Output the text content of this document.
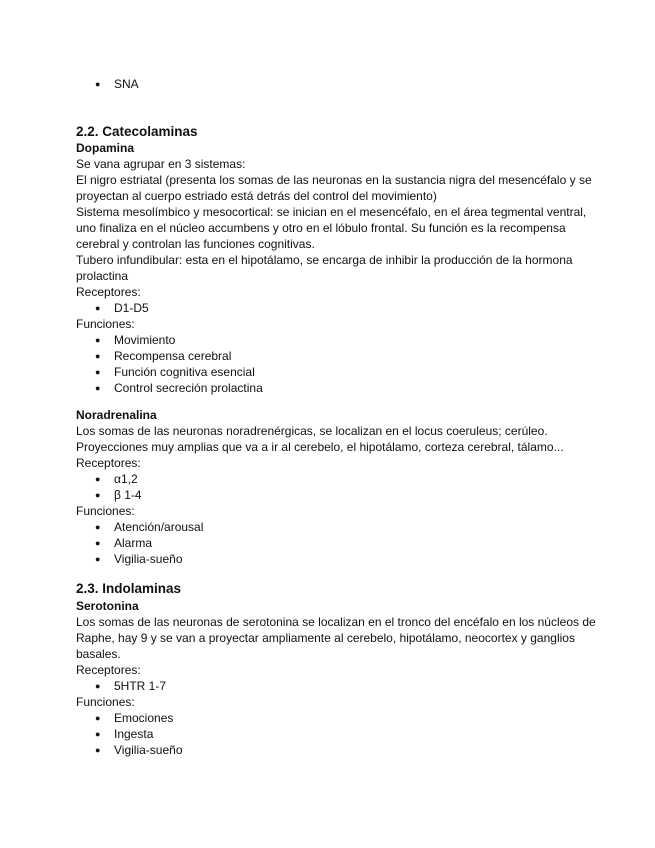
● SNA
2.2. Catecolaminas
Dopamina
Se vana agrupar en 3 sistemas:
El nigro estriatal (presenta los somas de las neuronas en la sustancia nigra del mesencéfalo y se proyectan al cuerpo estriado está detrás del control del movimiento)
Sistema mesolímbico y mesocortical: se inician en el mesencéfalo, en el área tegmental ventral, uno finaliza en el núcleo accumbens y otro en el lóbulo frontal. Su función es la recompensa cerebral y controlan las funciones cognitivas.
Tubero infundibular: esta en el hipotálamo, se encarga de inhibir la producción de la hormona prolactina
Receptores:
● D1-D5
Funciones:
● Movimiento
● Recompensa cerebral
● Función cognitiva esencial
● Control secreción prolactina
Noradrenalina
Los somas de las neuronas noradrenérgicas, se localizan en el locus coeruleus; cerúleo. Proyecciones muy amplias que va a ir al cerebelo, el hipotálamo, corteza cerebral, tálamo...
Receptores:
● α1,2
● β 1-4
Funciones:
● Atención/arousal
● Alarma
● Vigilia-sueño
2.3. Indolaminas
Serotonina
Los somas de las neuronas de serotonina se localizan en el tronco del encéfalo en los núcleos de Raphe, hay 9 y se van a proyectar ampliamente al cerebelo, hipotálamo, neocortex y ganglios basales.
Receptores:
● 5HTR 1-7
Funciones:
● Emociones
● Ingesta
● Vigilia-sueño
